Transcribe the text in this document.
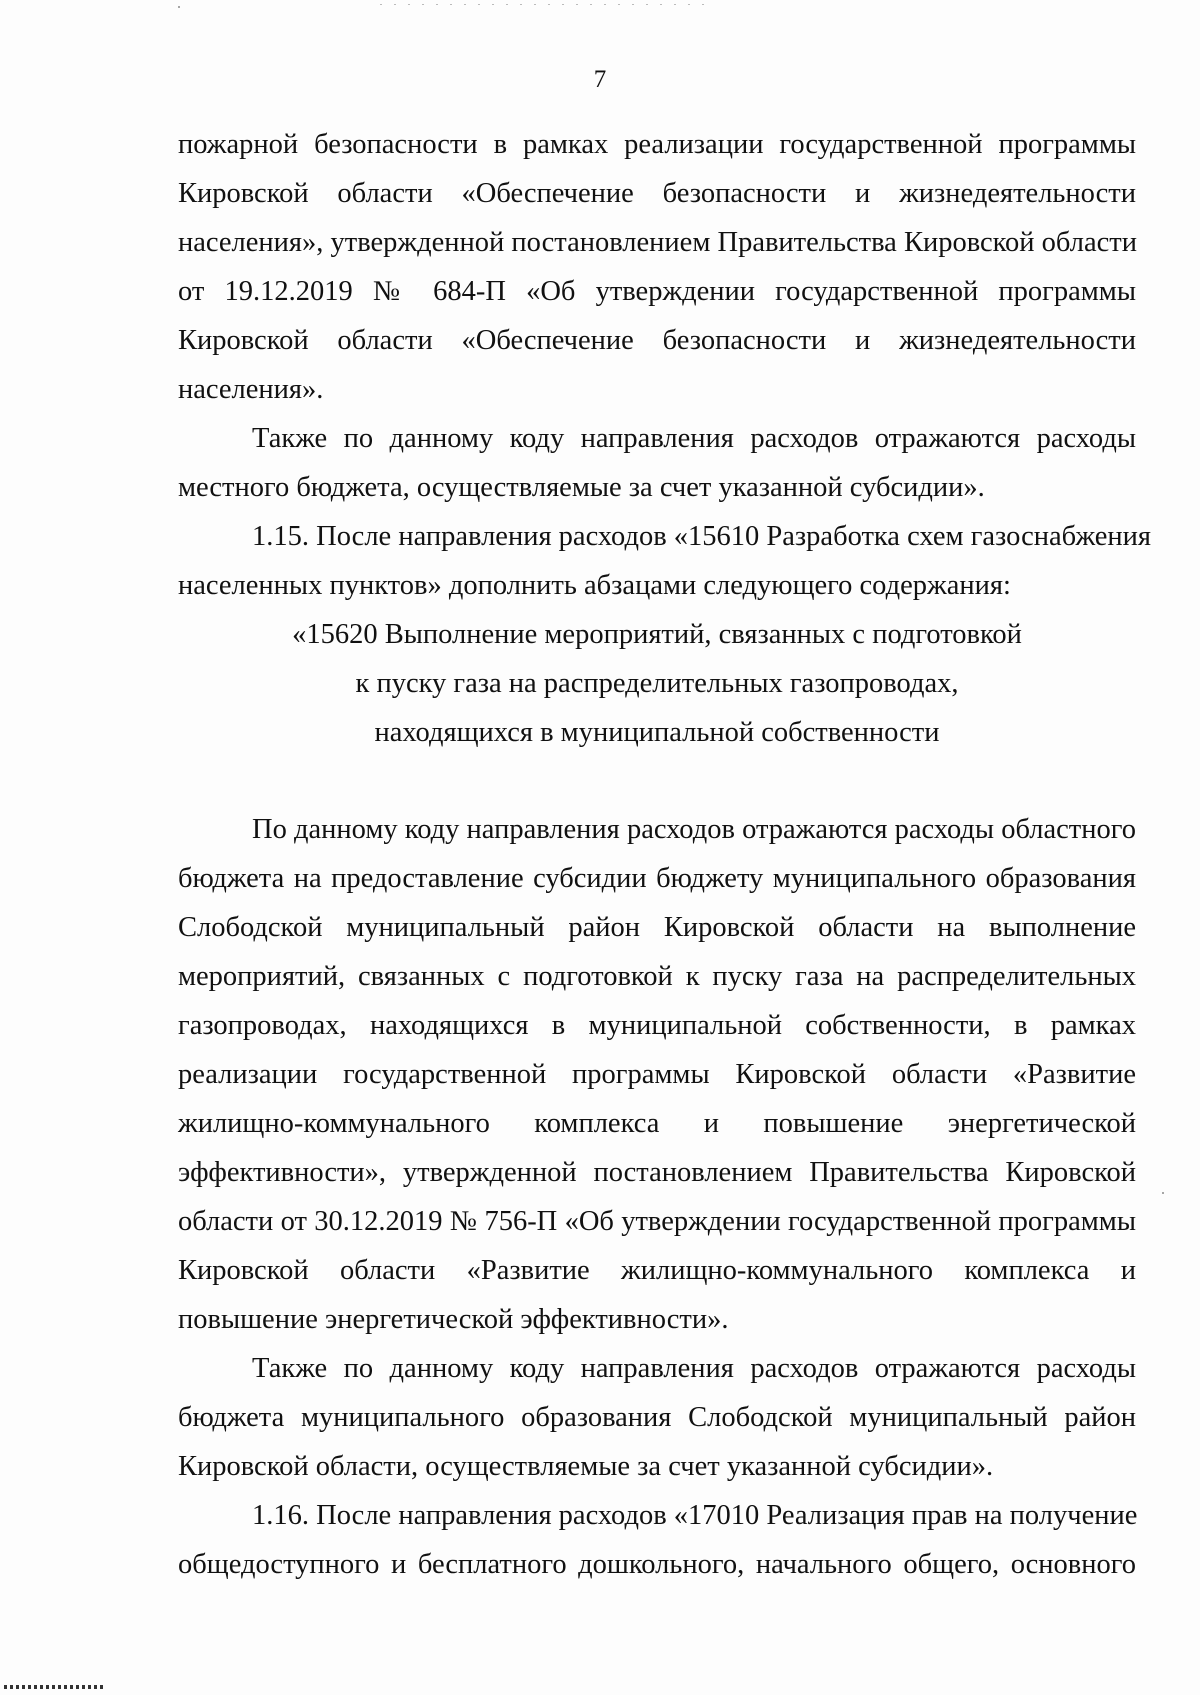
7
пожарной безопасности в рамках реализации государственной программы
Кировской области «Обеспечение безопасности и жизнедеятельности
населения», утвержденной постановлением Правительства Кировской области
от 19.12.2019 № 684-П «Об утверждении государственной программы
Кировской области «Обеспечение безопасности и жизнедеятельности
населения».
Также по данному коду направления расходов отражаются расходы
местного бюджета, осуществляемые за счет указанной субсидии».
1.15. После направления расходов «15610 Разработка схем газоснабжения
населенных пунктов» дополнить абзацами следующего содержания:
«15620 Выполнение мероприятий, связанных с подготовкой
к пуску газа на распределительных газопроводах,
находящихся в муниципальной собственности
По данному коду направления расходов отражаются расходы областного
бюджета на предоставление субсидии бюджету муниципального образования
Слободской муниципальный район Кировской области на выполнение
мероприятий, связанных с подготовкой к пуску газа на распределительных
газопроводах, находящихся в муниципальной собственности, в рамках
реализации государственной программы Кировской области «Развитие
жилищно-коммунального комплекса и повышение энергетической
эффективности», утвержденной постановлением Правительства Кировской
области от 30.12.2019 № 756-П «Об утверждении государственной программы
Кировской области «Развитие жилищно-коммунального комплекса и
повышение энергетической эффективности».
Также по данному коду направления расходов отражаются расходы
бюджета муниципального образования Слободской муниципальный район
Кировской области, осуществляемые за счет указанной субсидии».
1.16. После направления расходов «17010 Реализация прав на получение
общедоступного и бесплатного дошкольного, начального общего, основного
